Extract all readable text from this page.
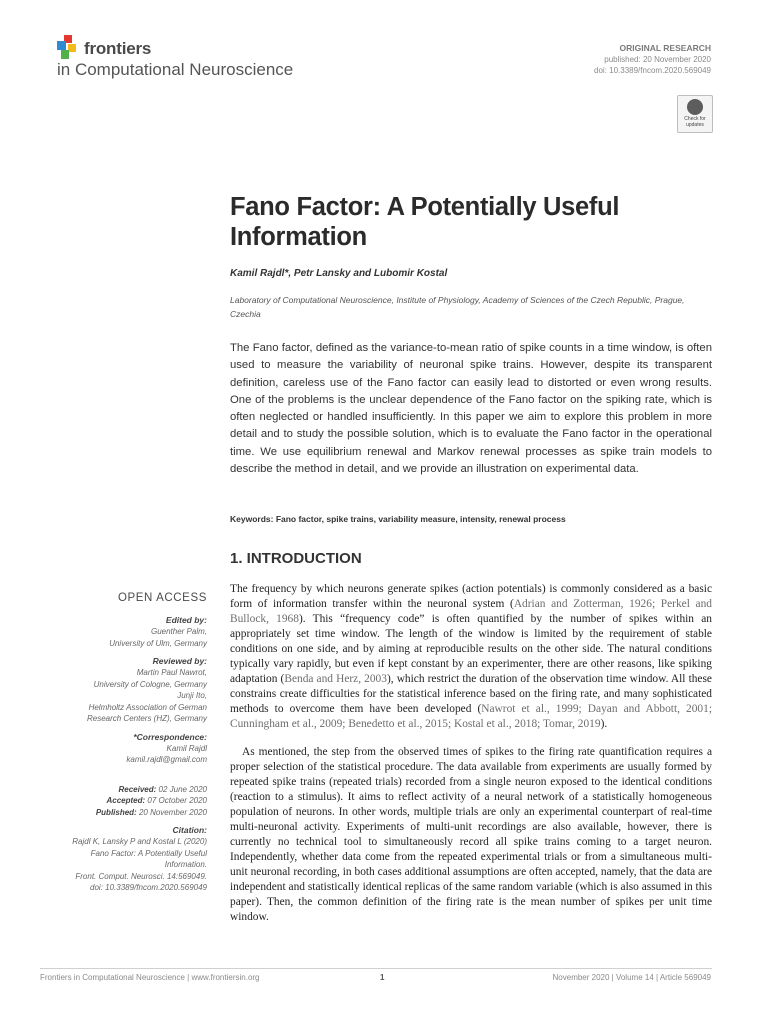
frontiers
in Computational Neuroscience
ORIGINAL RESEARCH
published: 20 November 2020
doi: 10.3389/fncom.2020.569049
Check for updates
Fano Factor: A Potentially Useful Information
Kamil Rajdl*, Petr Lansky and Lubomir Kostal
Laboratory of Computational Neuroscience, Institute of Physiology, Academy of Sciences of the Czech Republic, Prague, Czechia
The Fano factor, defined as the variance-to-mean ratio of spike counts in a time window, is often used to measure the variability of neuronal spike trains. However, despite its transparent definition, careless use of the Fano factor can easily lead to distorted or even wrong results. One of the problems is the unclear dependence of the Fano factor on the spiking rate, which is often neglected or handled insufficiently. In this paper we aim to explore this problem in more detail and to study the possible solution, which is to evaluate the Fano factor in the operational time. We use equilibrium renewal and Markov renewal processes as spike train models to describe the method in detail, and we provide an illustration on experimental data.
Keywords: Fano factor, spike trains, variability measure, intensity, renewal process
1. INTRODUCTION
The frequency by which neurons generate spikes (action potentials) is commonly considered as a basic form of information transfer within the neuronal system (Adrian and Zotterman, 1926; Perkel and Bullock, 1968). This “frequency code” is often quantified by the number of spikes within an appropriately set time window. The length of the window is limited by the requirement of stable conditions on one side, and by aiming at reproducible results on the other side. The natural conditions typically vary rapidly, but even if kept constant by an experimenter, there are other reasons, like spiking adaptation (Benda and Herz, 2003), which restrict the duration of the observation time window. All these constrains create difficulties for the statistical inference based on the firing rate, and many sophisticated methods to overcome them have been developed (Nawrot et al., 1999; Dayan and Abbott, 2001; Cunningham et al., 2009; Benedetto et al., 2015; Kostal et al., 2018; Tomar, 2019).
As mentioned, the step from the observed times of spikes to the firing rate quantification requires a proper selection of the statistical procedure. The data available from experiments are usually formed by repeated spike trains (repeated trials) recorded from a single neuron exposed to the identical conditions (reaction to a stimulus). It aims to reflect activity of a neural network of a statistically homogeneous population of neurons. In other words, multiple trials are only an experimental counterpart of real-time multi-neuronal activity. Experiments of multi-unit recordings are also available, however, there is currently no technical tool to simultaneously record all spike trains coming to a target neuron. Independently, whether data come from the repeated experimental trials or from a simultaneous multi-unit neuronal recording, in both cases additional assumptions are often accepted, namely, that the data are independent and statistically identical replicas of the same random variable (which is also assumed in this paper). Then, the common definition of the firing rate is the mean number of spikes per unit time window.
OPEN ACCESS
Edited by:
Guenther Palm,
University of Ulm, Germany
Reviewed by:
Martin Paul Nawrot,
University of Cologne, Germany
Junji Ito,
Helmholtz Association of German
Research Centers (HZ), Germany
*Correspondence:
Kamil Rajdl
kamil.rajdl@gmail.com
Received: 02 June 2020
Accepted: 07 October 2020
Published: 20 November 2020
Citation:
Rajdl K, Lansky P and Kostal L (2020)
Fano Factor: A Potentially Useful
Information.
Front. Comput. Neurosci. 14:569049.
doi: 10.3389/fncom.2020.569049
Frontiers in Computational Neuroscience | www.frontiersin.org	1	November 2020 | Volume 14 | Article 569049
